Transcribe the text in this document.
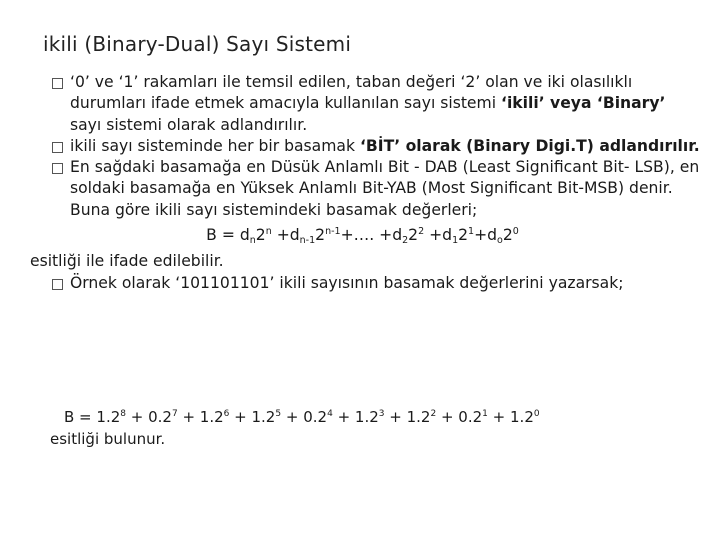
ikili (Binary-Dual) Sayı Sistemi
‘0’ ve ‘1’ rakamları ile temsil edilen, taban değeri ‘2’ olan ve iki olasılıklı durumları ifade etmek amacıyla kullanılan sayı sistemi ‘ikili’ veya ‘Binary’ sayı sistemi olarak adlandırılır.
ikili sayı sisteminde her bir basamak ‘BİT’ olarak (Binary Digi.T) adlandırılır.
En sağdaki basamağa en Düsük Anlamlı Bit - DAB (Least Significant Bit- LSB), en soldaki basamağa en Yüksek Anlamlı Bit-YAB (Most Significant Bit-MSB) denir. Buna göre ikili sayı sistemindeki basamak değerleri;
$B = d_n2^n$ $+d_{n-1}2^{n-1}+\dots$. $+d_22^2 +d_12^1+d_o2^0$
esitliği ile ifade edilebilir.
Örnek olarak ‘101101101’ ikili sayısının basamak değerlerini yazarsak;
$B = 1.2^8 + 0.2^7 + 1.2^6 + 1.2^5 + 0.2^4 + 1.2^3 + 1.2^2 + 0.2^1 + 1.2^0$
esitliği bulunur.
